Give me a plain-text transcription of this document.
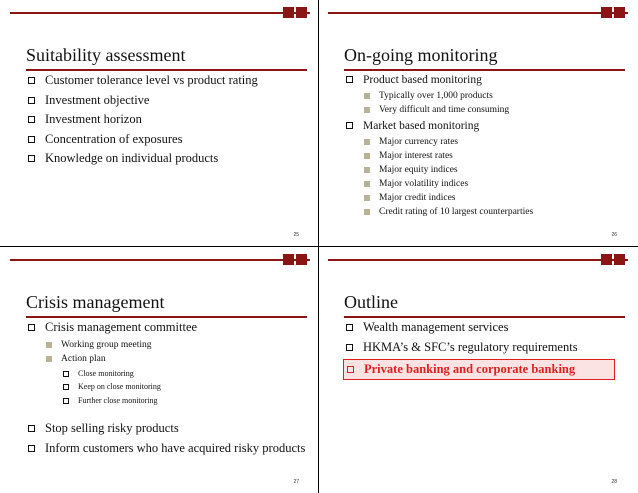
Suitability assessment
Customer tolerance level vs product rating
Investment objective
Investment horizon
Concentration of exposures
Knowledge on individual products
25
On-going monitoring
Product based monitoring
Typically over 1,000 products
Very difficult and time consuming
Market based monitoring
Major currency rates
Major interest rates
Major equity indices
Major volatility indices
Major credit indices
Credit rating of 10 largest counterparties
26
Crisis management
Crisis management committee
Working group meeting
Action plan
Close monitoring
Keep on close monitoring
Further close monitoring
Stop selling risky products
Inform customers who have acquired risky products
27
Outline
Wealth management services
HKMA’s & SFC’s regulatory requirements
Private banking and corporate banking
28
